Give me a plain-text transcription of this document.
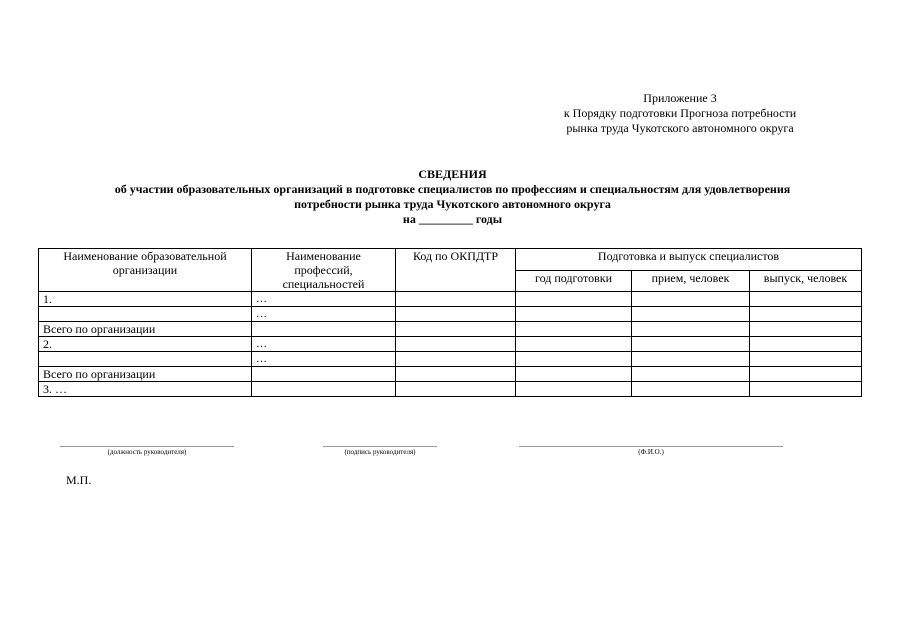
Приложение 3
к Порядку подготовки Прогноза потребности
рынка труда Чукотского автономного округа
СВЕДЕНИЯ
об участии образовательных организаций в подготовке специалистов по профессиям и специальностям для удовлетворения
потребности рынка труда Чукотского автономного округа
на _________ годы
Наименование образовательной организации	Наименование профессий, специальностей	Код по ОКПДТР	Подготовка и выпуск специалистов		
			год подготовки	прием, человек	выпуск, человек
1.	…				
	…				
Всего по организации					
2.	…				
	…				
Всего по организации					
3. …					
(должность руководителя)	(подпись руководителя)	(Ф.И.О.)
М.П.
